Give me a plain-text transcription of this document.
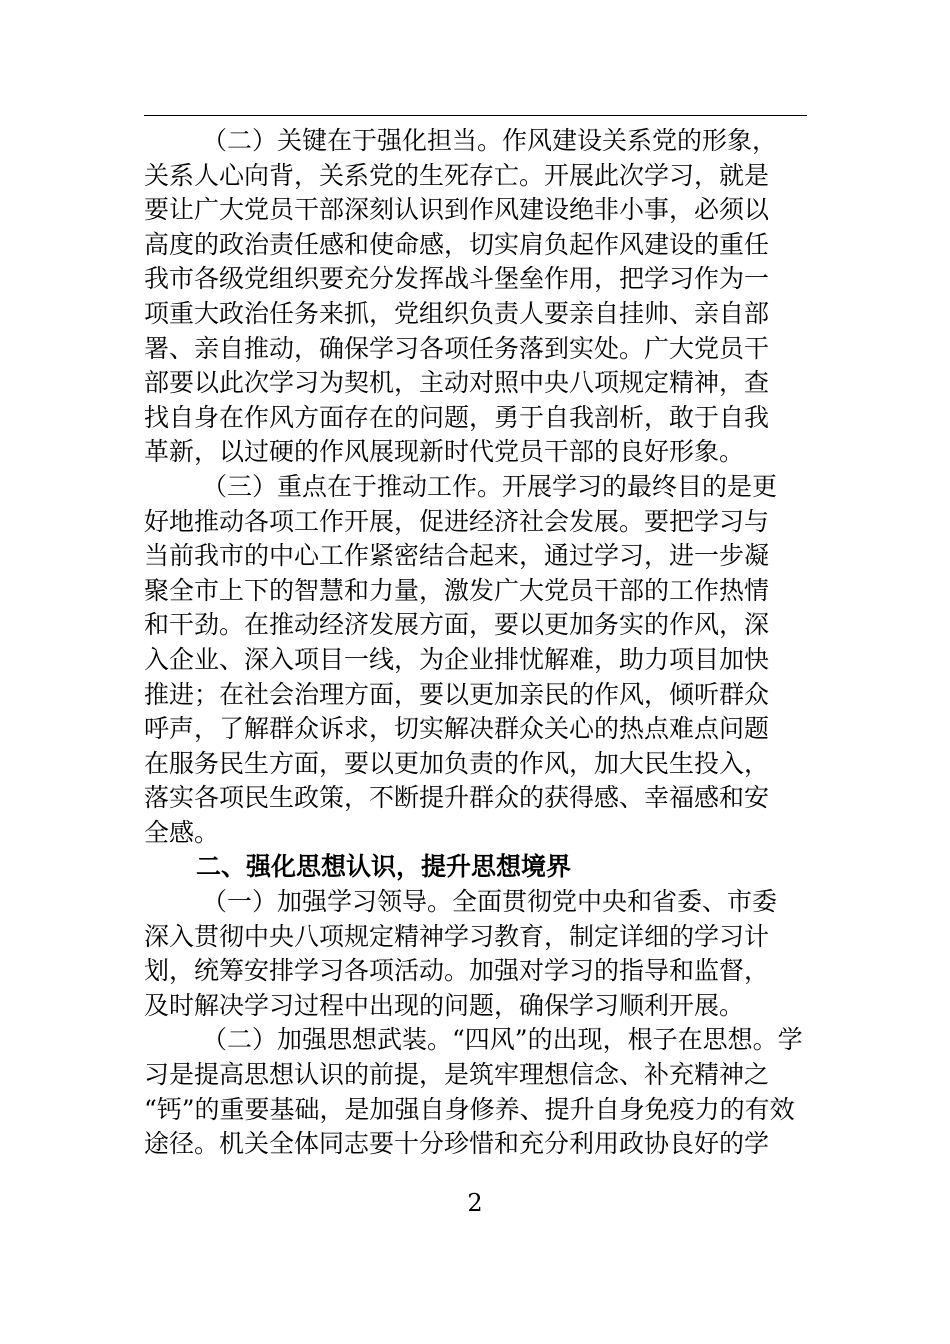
（二）关键在于强化担当。作风建设关系党的形象，
关系人心向背，关系党的生死存亡。开展此次学习，就是
要让广大党员干部深刻认识到作风建设绝非小事，必须以
高度的政治责任感和使命感，切实肩负起作风建设的重任
我市各级党组织要充分发挥战斗堡垒作用，把学习作为一
项重大政治任务来抓，党组织负责人要亲自挂帅、亲自部
署、亲自推动，确保学习各项任务落到实处。广大党员干
部要以此次学习为契机，主动对照中央八项规定精神，查
找自身在作风方面存在的问题，勇于自我剖析，敢于自我
革新，以过硬的作风展现新时代党员干部的良好形象。
（三）重点在于推动工作。开展学习的最终目的是更
好地推动各项工作开展，促进经济社会发展。要把学习与
当前我市的中心工作紧密结合起来，通过学习，进一步凝
聚全市上下的智慧和力量，激发广大党员干部的工作热情
和干劲。在推动经济发展方面，要以更加务实的作风，深
入企业、深入项目一线，为企业排忧解难，助力项目加快
推进；在社会治理方面，要以更加亲民的作风，倾听群众
呼声，了解群众诉求，切实解决群众关心的热点难点问题
在服务民生方面，要以更加负责的作风，加大民生投入，
落实各项民生政策，不断提升群众的获得感、幸福感和安
全感。
二、强化思想认识，提升思想境界
（一）加强学习领导。全面贯彻党中央和省委、市委
深入贯彻中央八项规定精神学习教育，制定详细的学习计
划，统筹安排学习各项活动。加强对学习的指导和监督，
及时解决学习过程中出现的问题，确保学习顺利开展。
（二）加强思想武装。“四风”的出现，根子在思想。学
习是提高思想认识的前提，是筑牢理想信念、补充精神之
“钙”的重要基础，是加强自身修养、提升自身免疫力的有效
途径。机关全体同志要十分珍惜和充分利用政协良好的学
2
